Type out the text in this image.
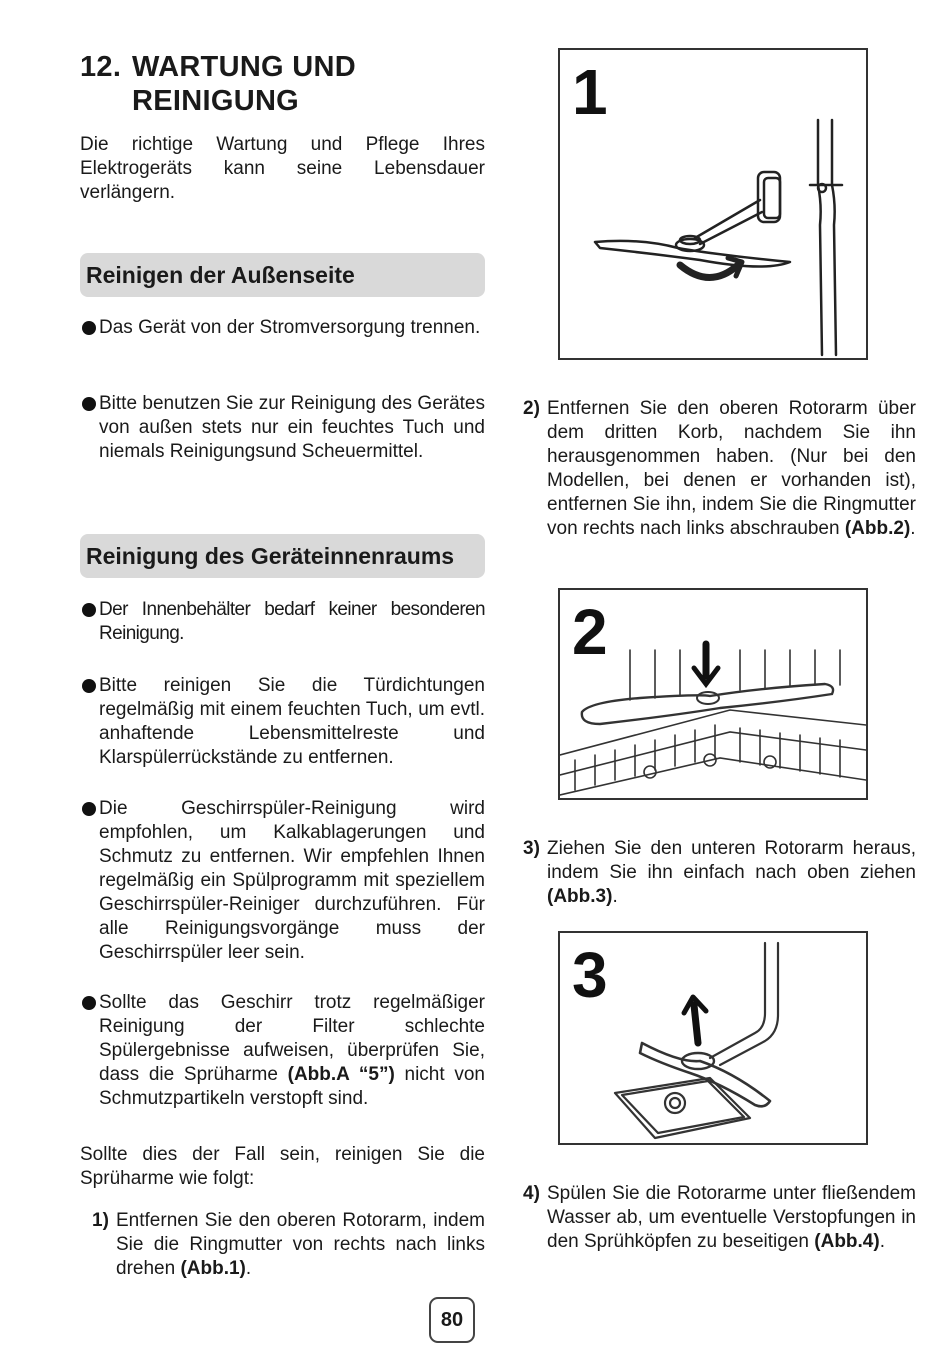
12. WARTUNG UND
REINIGUNG
Die richtige Wartung und Pflege Ihres Elektrogeräts kann seine Lebensdauer verlängern.
Reinigen der Außenseite
Das Gerät von der Stromversorgung trennen.
Bitte benutzen Sie zur Reinigung des Gerätes von außen stets nur ein feuchtes Tuch und niemals Reinigungsund Scheuermittel.
Reinigung des Geräteinnenraums
Der Innenbehälter bedarf keiner besonderen Reinigung.
Bitte reinigen Sie die Türdichtungen regelmäßig mit einem feuchten Tuch, um evtl. anhaftende Lebensmittelreste und Klarspülerrückstände zu entfernen.
Die Geschirrspüler-Reinigung wird empfohlen, um Kalkablagerungen und Schmutz zu entfernen. Wir empfehlen Ihnen regelmäßig ein Spülprogramm mit speziellem Geschirrspüler-Reiniger durchzuführen. Für alle Reinigungsvorgänge muss der Geschirrspüler leer sein.
Sollte das Geschirr trotz regelmäßiger Reinigung der Filter schlechte Spülergebnisse aufweisen, überprüfen Sie, dass die Sprüharme (Abb.A “5”) nicht von Schmutzpartikeln verstopft sind.
Sollte dies der Fall sein, reinigen Sie die Sprüharme wie folgt:
1) Entfernen Sie den oberen Rotorarm, indem Sie die Ringmutter von rechts nach links drehen (Abb.1).
1
2) Entfernen Sie den oberen Rotorarm über dem dritten Korb, nachdem Sie ihn herausgenommen haben. (Nur bei den Modellen, bei denen er vorhanden ist), entfernen Sie ihn, indem Sie die Ringmutter von rechts nach links abschrauben (Abb.2).
2
3) Ziehen Sie den unteren Rotorarm heraus, indem Sie ihn einfach nach oben ziehen (Abb.3).
3
4) Spülen Sie die Rotorarme unter fließendem Wasser ab, um eventuelle Verstopfungen in den Sprühköpfen zu beseitigen (Abb.4).
80
